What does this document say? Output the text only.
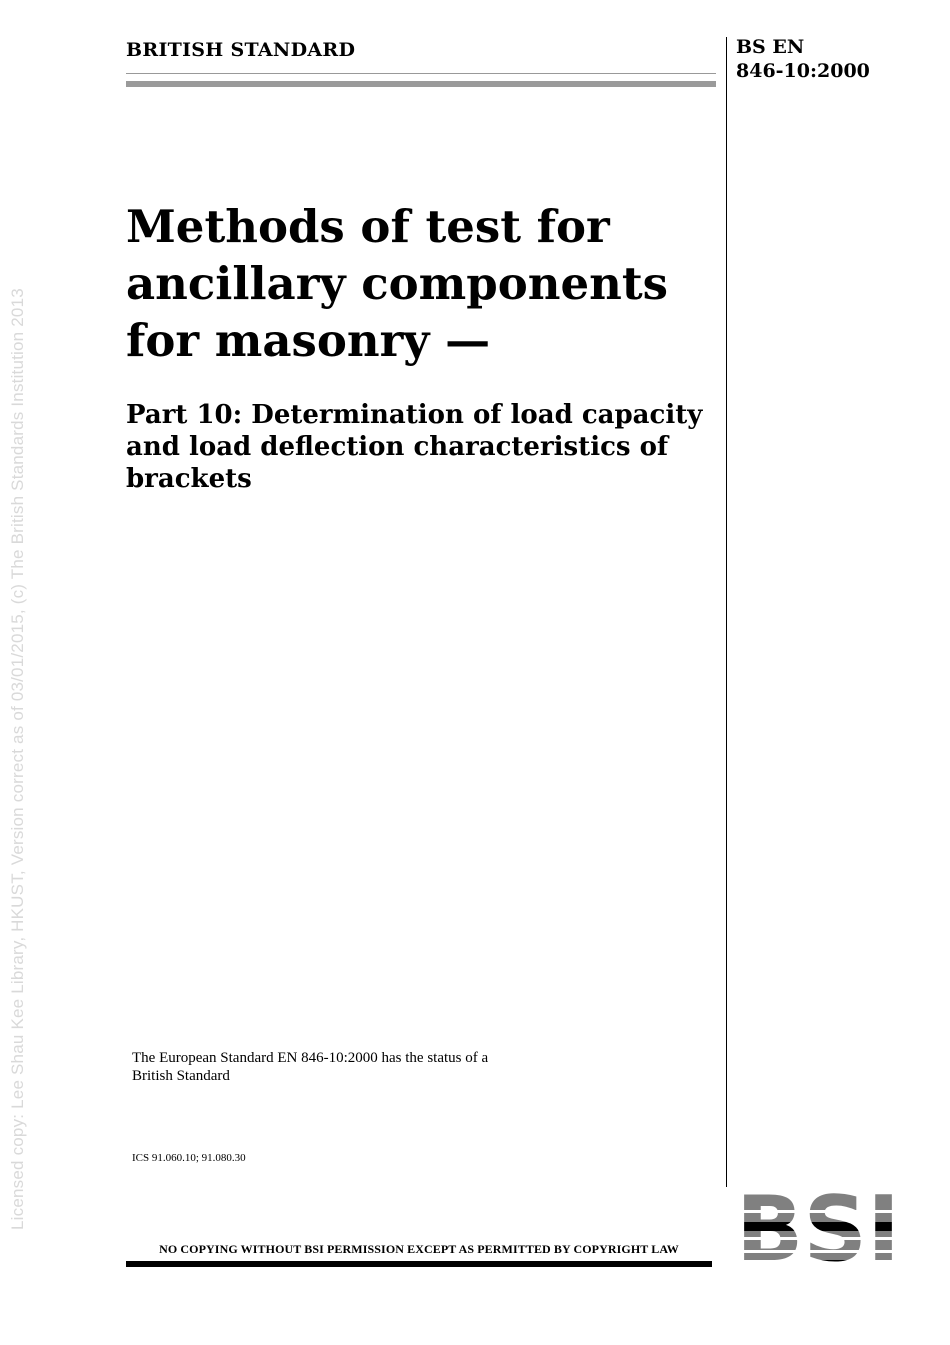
Licensed copy: Lee Shau Kee Library, HKUST, Version correct as of 03/01/2015, (c) The British Standards Institution 2013
BRITISH STANDARD	BS EN
846-10:2000
Methods of test for
ancillary components
for masonry —
Part 10: Determination of load capacity
and load deflection characteristics of
brackets
The European Standard EN 846-10:2000 has the status of a
British Standard
ICS 91.060.10; 91.080.30
NO COPYING WITHOUT BSI PERMISSION EXCEPT AS PERMITTED BY COPYRIGHT LAW
